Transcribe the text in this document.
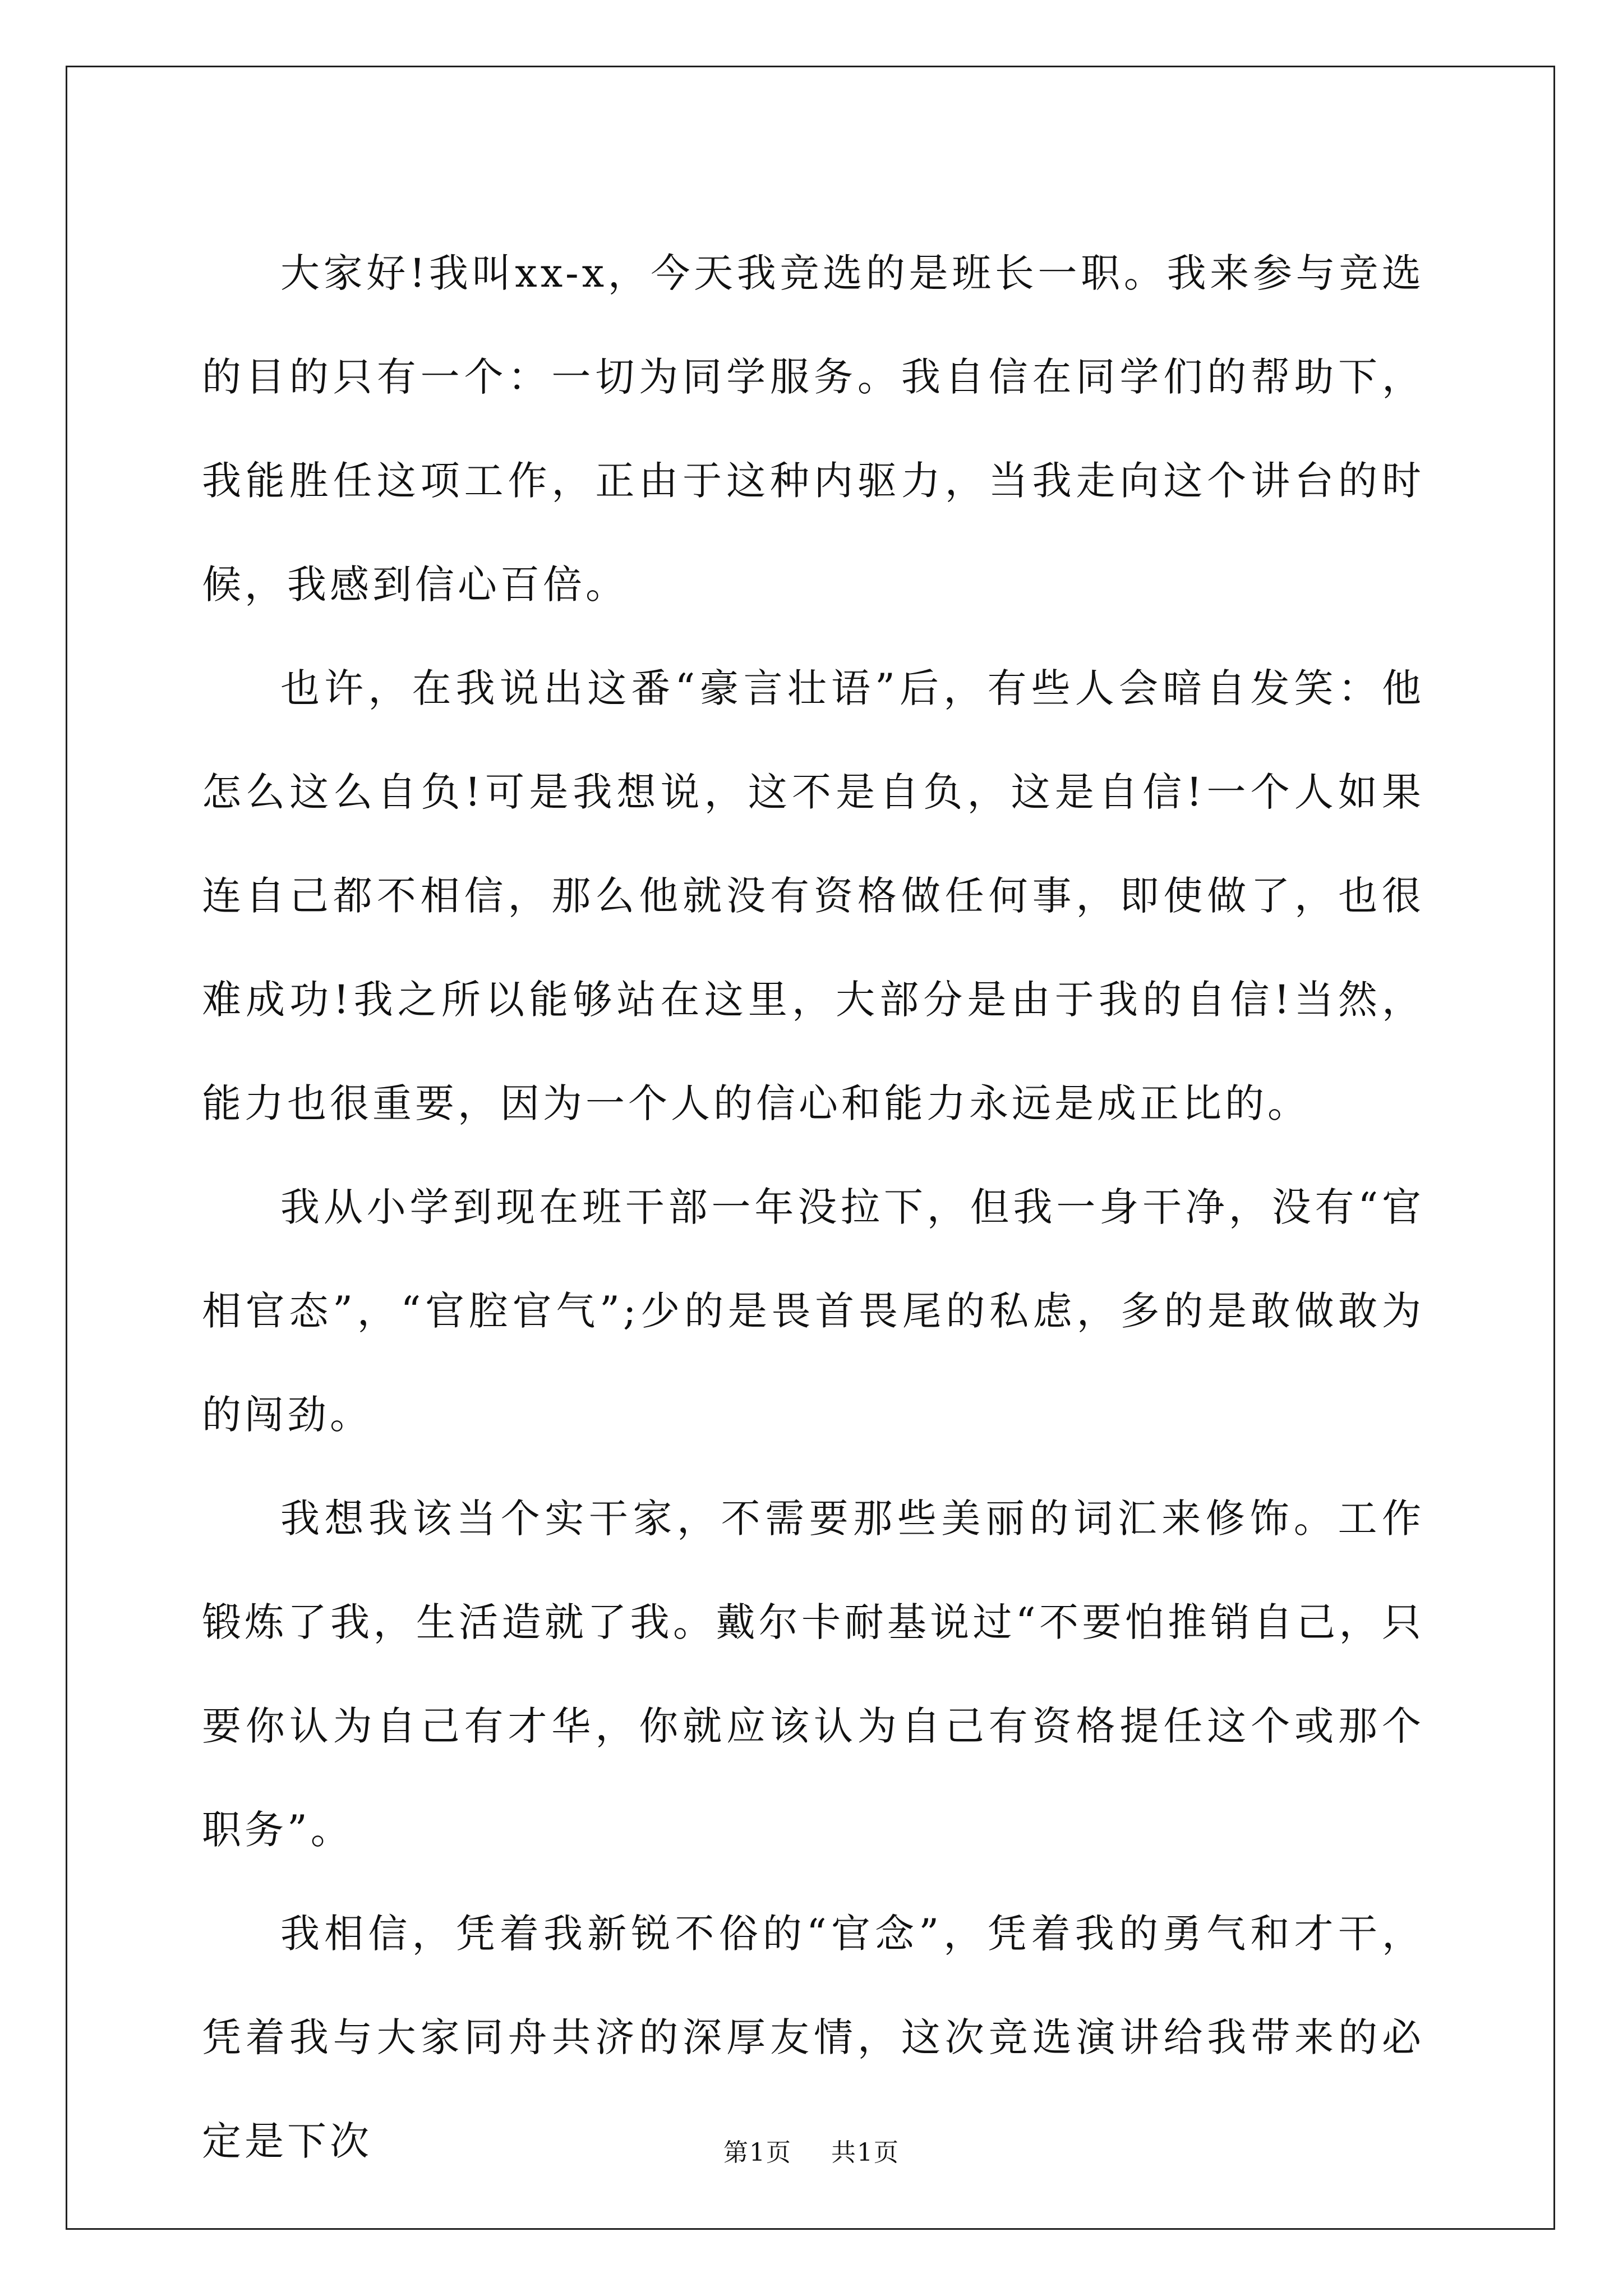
大家好!我叫xx-x，今天我竞选的是班长一职。我来参与竞选的目的只有一个：一切为同学服务。我自信在同学们的帮助下，我能胜任这项工作，正由于这种内驱力，当我走向这个讲台的时候，我感到信心百倍。

也许，在我说出这番“豪言壮语”后，有些人会暗自发笑：他怎么这么自负!可是我想说，这不是自负，这是自信!一个人如果连自己都不相信，那么他就没有资格做任何事，即使做了，也很难成功!我之所以能够站在这里，大部分是由于我的自信!当然，能力也很重要，因为一个人的信心和能力永远是成正比的。

我从小学到现在班干部一年没拉下，但我一身干净，没有“官相官态”，“官腔官气”;少的是畏首畏尾的私虑，多的是敢做敢为的闯劲。

我想我该当个实干家，不需要那些美丽的词汇来修饰。工作锻炼了我，生活造就了我。戴尔卡耐基说过“不要怕推销自己，只要你认为自己有才华，你就应该认为自己有资格提任这个或那个职务”。

我相信，凭着我新锐不俗的“官念”，凭着我的勇气和才干，凭着我与大家同舟共济的深厚友情，这次竞选演讲给我带来的必定是下次	第1页 共1页
